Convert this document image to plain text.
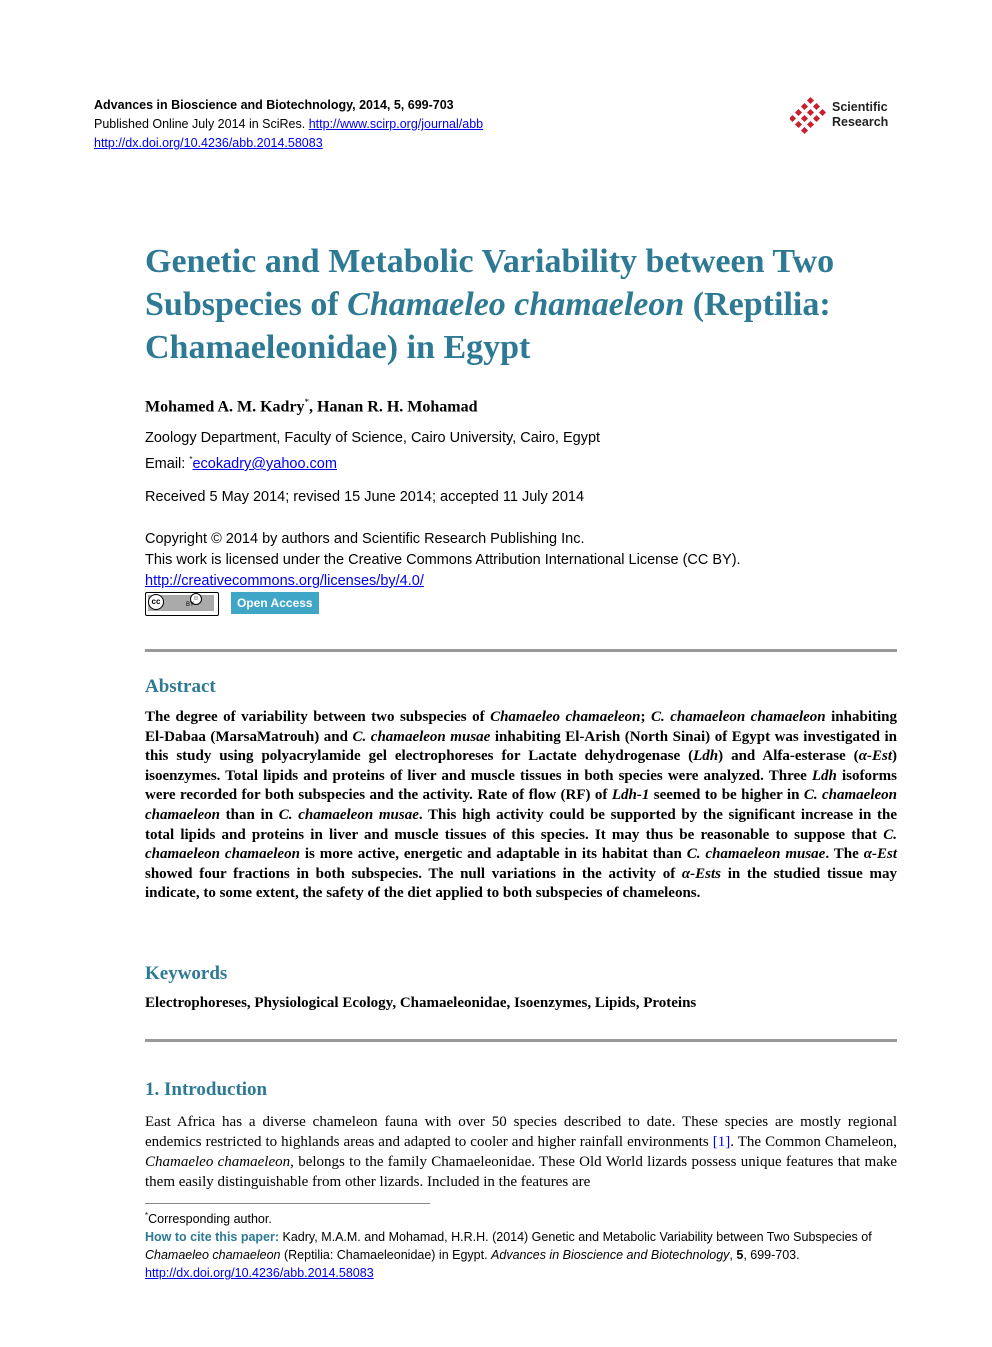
Advances in Bioscience and Biotechnology, 2014, 5, 699-703
Published Online July 2014 in SciRes. http://www.scirp.org/journal/abb
http://dx.doi.org/10.4236/abb.2014.58083
Scientific
Research
Genetic and Metabolic Variability between Two Subspecies of Chamaeleo chamaeleon (Reptilia: Chamaeleonidae) in Egypt
Mohamed A. M. Kadry*, Hanan R. H. Mohamad
Zoology Department, Faculty of Science, Cairo University, Cairo, Egypt
Email: *ecokadry@yahoo.com
Received 5 May 2014; revised 15 June 2014; accepted 11 July 2014
Copyright © 2014 by authors and Scientific Research Publishing Inc.
This work is licensed under the Creative Commons Attribution International License (CC BY).
http://creativecommons.org/licenses/by/4.0/
cc	☺
BY	Open Access
Abstract
The degree of variability between two subspecies of Chamaeleo chamaeleon; C. chamaeleon chamaeleon inhabiting El-Dabaa (MarsaMatrouh) and C. chamaeleon musae inhabiting El-Arish (North Sinai) of Egypt was investigated in this study using polyacrylamide gel electrophoreses for Lactate dehydrogenase (Ldh) and Alfa-esterase (α-Est) isoenzymes. Total lipids and proteins of liver and muscle tissues in both species were analyzed. Three Ldh isoforms were recorded for both subspecies and the activity. Rate of flow (RF) of Ldh-1 seemed to be higher in C. chamaeleon chamaeleon than in C. chamaeleon musae. This high activity could be supported by the significant increase in the total lipids and proteins in liver and muscle tissues of this species. It may thus be reasonable to suppose that C. chamaeleon chamaeleon is more active, energetic and adaptable in its habitat than C. chamaeleon musae. The α-Est showed four fractions in both subspecies. The null variations in the activity of α-Ests in the studied tissue may indicate, to some extent, the safety of the diet applied to both subspecies of chameleons.
Keywords
Electrophoreses, Physiological Ecology, Chamaeleonidae, Isoenzymes, Lipids, Proteins
1. Introduction
East Africa has a diverse chameleon fauna with over 50 species described to date. These species are mostly regional endemics restricted to highlands areas and adapted to cooler and higher rainfall environments [1]. The Common Chameleon, Chamaeleo chamaeleon, belongs to the family Chamaeleonidae. These Old World lizards possess unique features that make them easily distinguishable from other lizards. Included in the features are
*Corresponding author.
How to cite this paper: Kadry, M.A.M. and Mohamad, H.R.H. (2014) Genetic and Metabolic Variability between Two Subspecies of Chamaeleo chamaeleon (Reptilia: Chamaeleonidae) in Egypt. Advances in Bioscience and Biotechnology, 5, 699-703.
http://dx.doi.org/10.4236/abb.2014.58083
